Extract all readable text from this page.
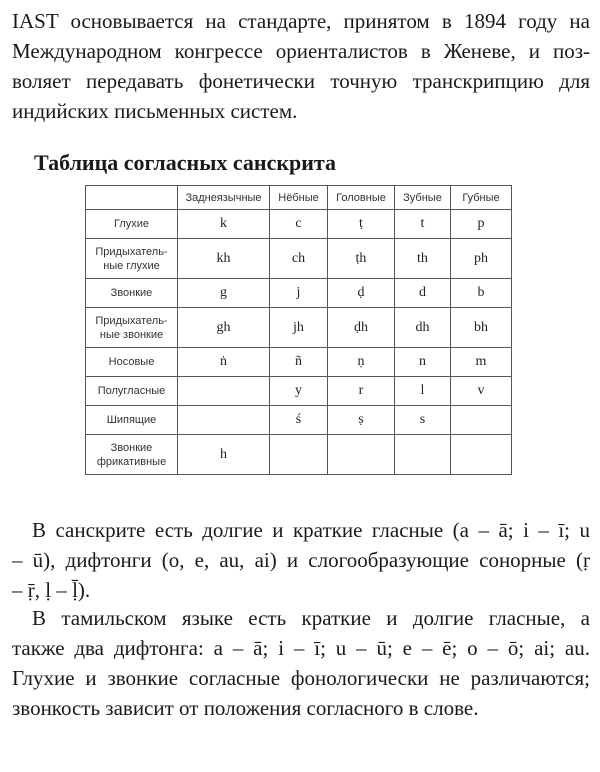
IAST основывается на стандарте, принятом в 1894 году на
Международном конгрессе ориенталистов в Женеве, и поз-
воляет передавать фонетически точную транскрипцию для
индийских письменных систем.
Таблица согласных санскрита
	Заднеязычные	Нёбные	Головные	Зубные	Губные
Глухие	k	c	ṭ	t	p
Придыхатель-
ные глухие	kh	ch	ṭh	th	ph
Звонкие	g	j	ḍ	d	b
Придыхатель-
ные звонкие	gh	jh	ḍh	dh	bh
Носовые	ṅ	ñ	ṇ	n	m
Полугласные		y	r	l	v
Шипящие		ś	ṣ	s	
Звонкие
фрикативные	h				
В санскрите есть долгие и краткие гласные (a – ā; i – ī; u
– ū), дифтонги (o, e, au, ai) и слогообразующие сонорные (ṛ
– ṝ, ḷ – ḹ).
В тамильском языке есть краткие и долгие гласные, а
также два дифтонга: a – ā; i – ī; u – ū; e – ē; o – ō; ai; au.
Глухие и звонкие согласные фонологически не различаются;
звонкость зависит от положения согласного в слове.
